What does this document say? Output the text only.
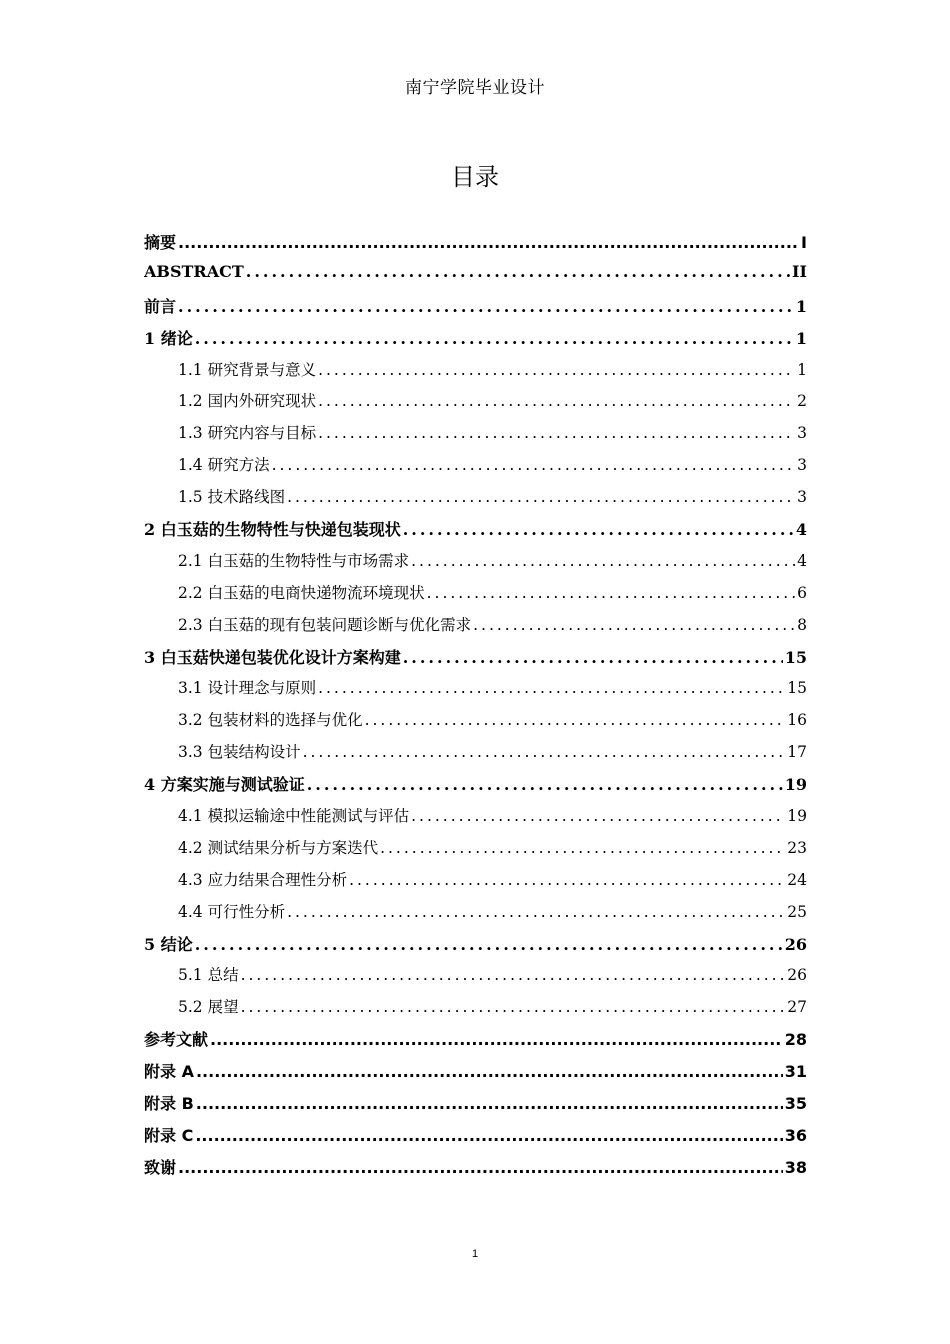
南宁学院毕业设计
目录
摘要 .....	I
ABSTRACT .....	II
前言 .....	1
1 绪论 .....	1
1.1 研究背景与意义 .....	1
1.2 国内外研究现状 .....	2
1.3 研究内容与目标 .....	3
1.4 研究方法 .....	3
1.5 技术路线图 .....	3
2 白玉菇的生物特性与快递包装现状 .....	4
2.1 白玉菇的生物特性与市场需求 .....	4
2.2 白玉菇的电商快递物流环境现状 .....	6
2.3 白玉菇的现有包装问题诊断与优化需求 .....	8
3 白玉菇快递包装优化设计方案构建 .....	15
3.1 设计理念与原则 .....	15
3.2 包装材料的选择与优化 .....	16
3.3 包装结构设计 .....	17
4 方案实施与测试验证 .....	19
4.1 模拟运输途中性能测试与评估 .....	19
4.2 测试结果分析与方案迭代 .....	23
4.3 应力结果合理性分析 .....	24
4.4 可行性分析 .....	25
5 结论 .....	26
5.1 总结 .....	26
5.2 展望 .....	27
参考文献 .....	28
附录 A .....	31
附录 B .....	35
附录 C .....	36
致谢 .....	38
1
